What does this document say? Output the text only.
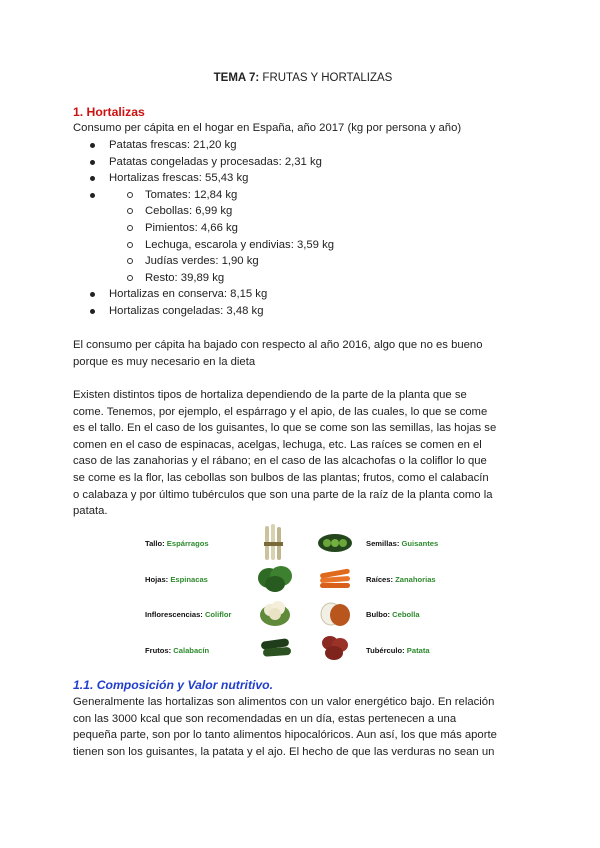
TEMA 7: FRUTAS Y HORTALIZAS
1. Hortalizas
Consumo per cápita en el hogar en España, año 2017 (kg por persona y año)
Patatas frescas: 21,20 kg
Patatas congeladas y procesadas: 2,31 kg
Hortalizas frescas: 55,43 kg
Tomates: 12,84 kg
Cebollas: 6,99 kg
Pimientos: 4,66 kg
Lechuga, escarola y endivias: 3,59 kg
Judías verdes: 1,90 kg
Resto: 39,89 kg
Hortalizas en conserva: 8,15 kg
Hortalizas congeladas: 3,48 kg

El consumo per cápita ha bajado con respecto al año 2016, algo que no es bueno

porque es muy necesario en la dieta

Existen distintos tipos de hortaliza dependiendo de la parte de la planta que se

come. Tenemos, por ejemplo, el espárrago y el apio, de las cuales, lo que se come

es el tallo. En el caso de los guisantes, lo que se come son las semillas, las hojas se

comen en el caso de espinacas, acelgas, lechuga, etc. Las raíces se comen en el

caso de las zanahorias y el rábano; en el caso de las alcachofas o la coliflor lo que

se come es la flor, las cebollas son bulbos de las plantas; frutos, como el calabacín

o calabaza y por último tubérculos que son una parte de la raíz de la planta como la

patata.

1.1. Composición y Valor nutritivo.

Generalmente las hortalizas son alimentos con un valor energético bajo. En relación

con las 3000 kcal que son recomendadas en un día, estas pertenecen a una

pequeña parte, son por lo tanto alimentos hipocalóricos. Aun así, los que más aporte

tienen son los guisantes, la patata y el ajo. El hecho de que las verduras no sean un

Tallo: Espárragos
Hojas: Espinacas
Inflorescencias: Coliflor
Frutos: Calabacín
Semillas: Guisantes
Raíces: Zanahorias
Bulbo: Cebolla
Tubérculo: Patata
